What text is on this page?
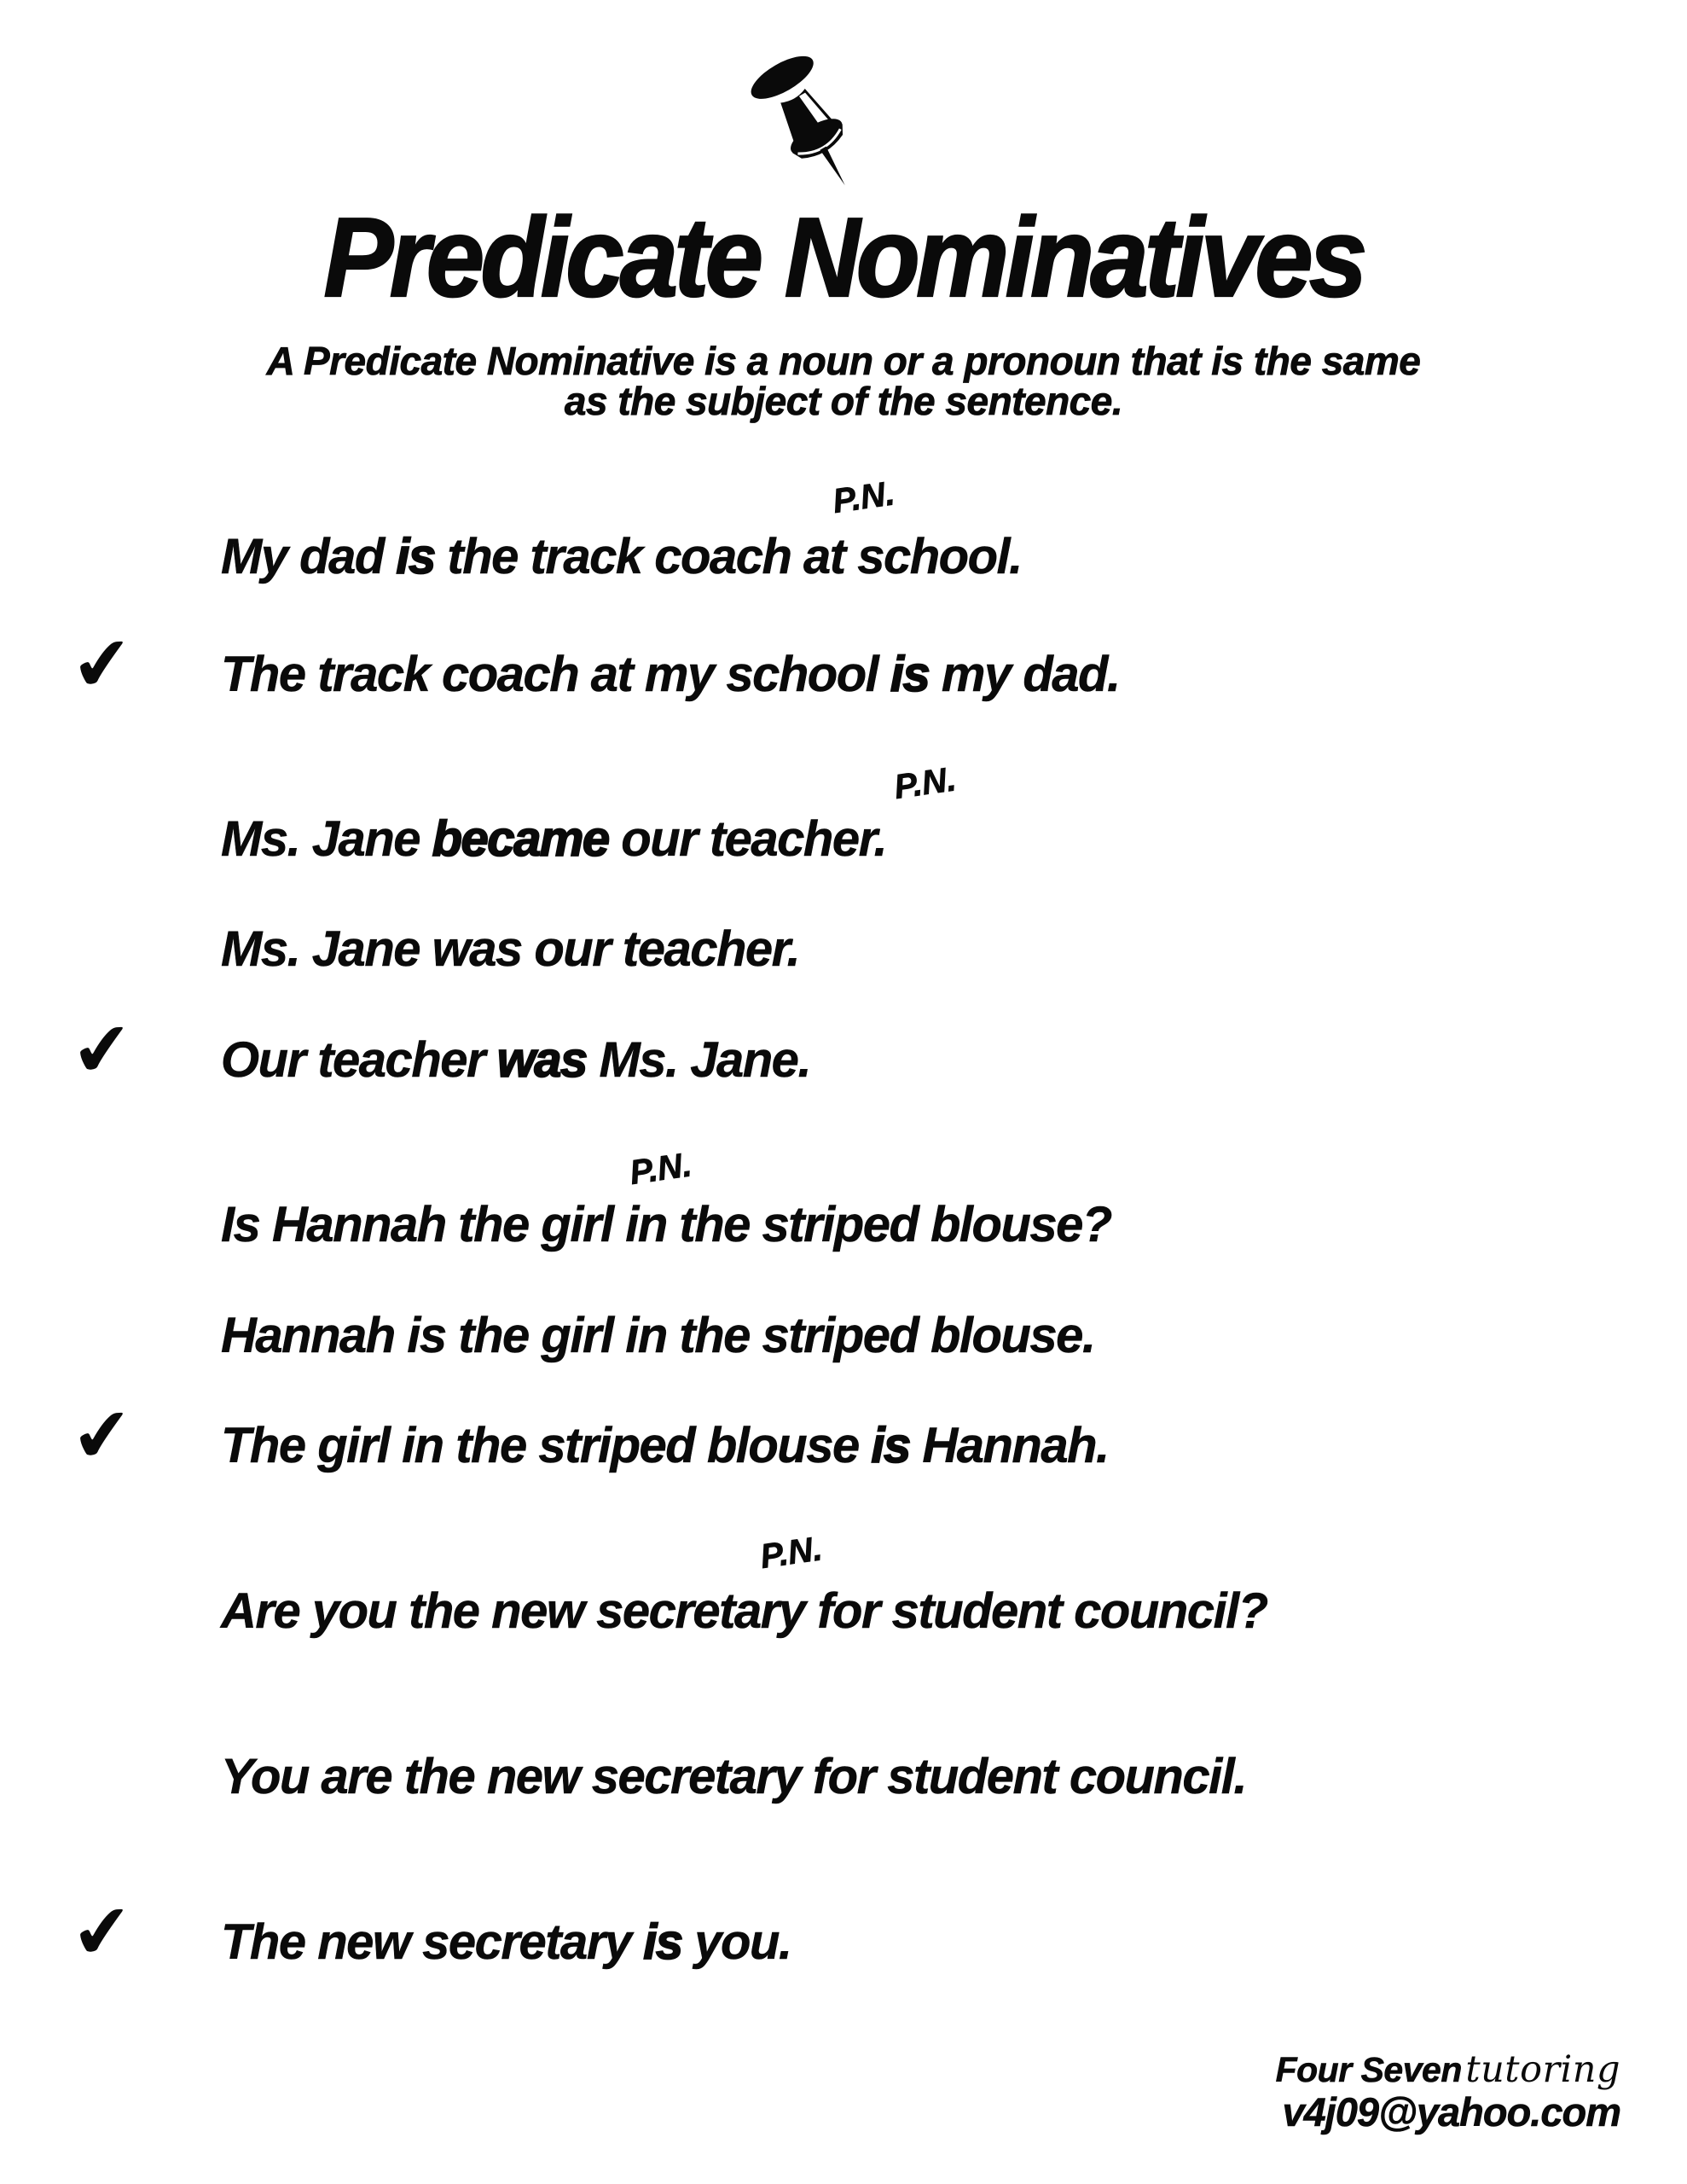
Predicate Nominatives
A Predicate Nominative is a noun or a pronoun that is the same
as the subject of the sentence.
P.N.
P.N.
P.N.
P.N.
My dad is the track coach at school.
The track coach at my school is my dad.
Ms. Jane became our teacher.
Ms. Jane was our teacher.
Our teacher was Ms. Jane.
Is Hannah the girl in the striped blouse?
Hannah is the girl in the striped blouse.
The girl in the striped blouse is Hannah.
Are you the new secretary for student council?
You are the new secretary for student council.
The new secretary is you.
✔
✔
✔
✔
Four Seven tutoring
v4j09@yahoo.com
